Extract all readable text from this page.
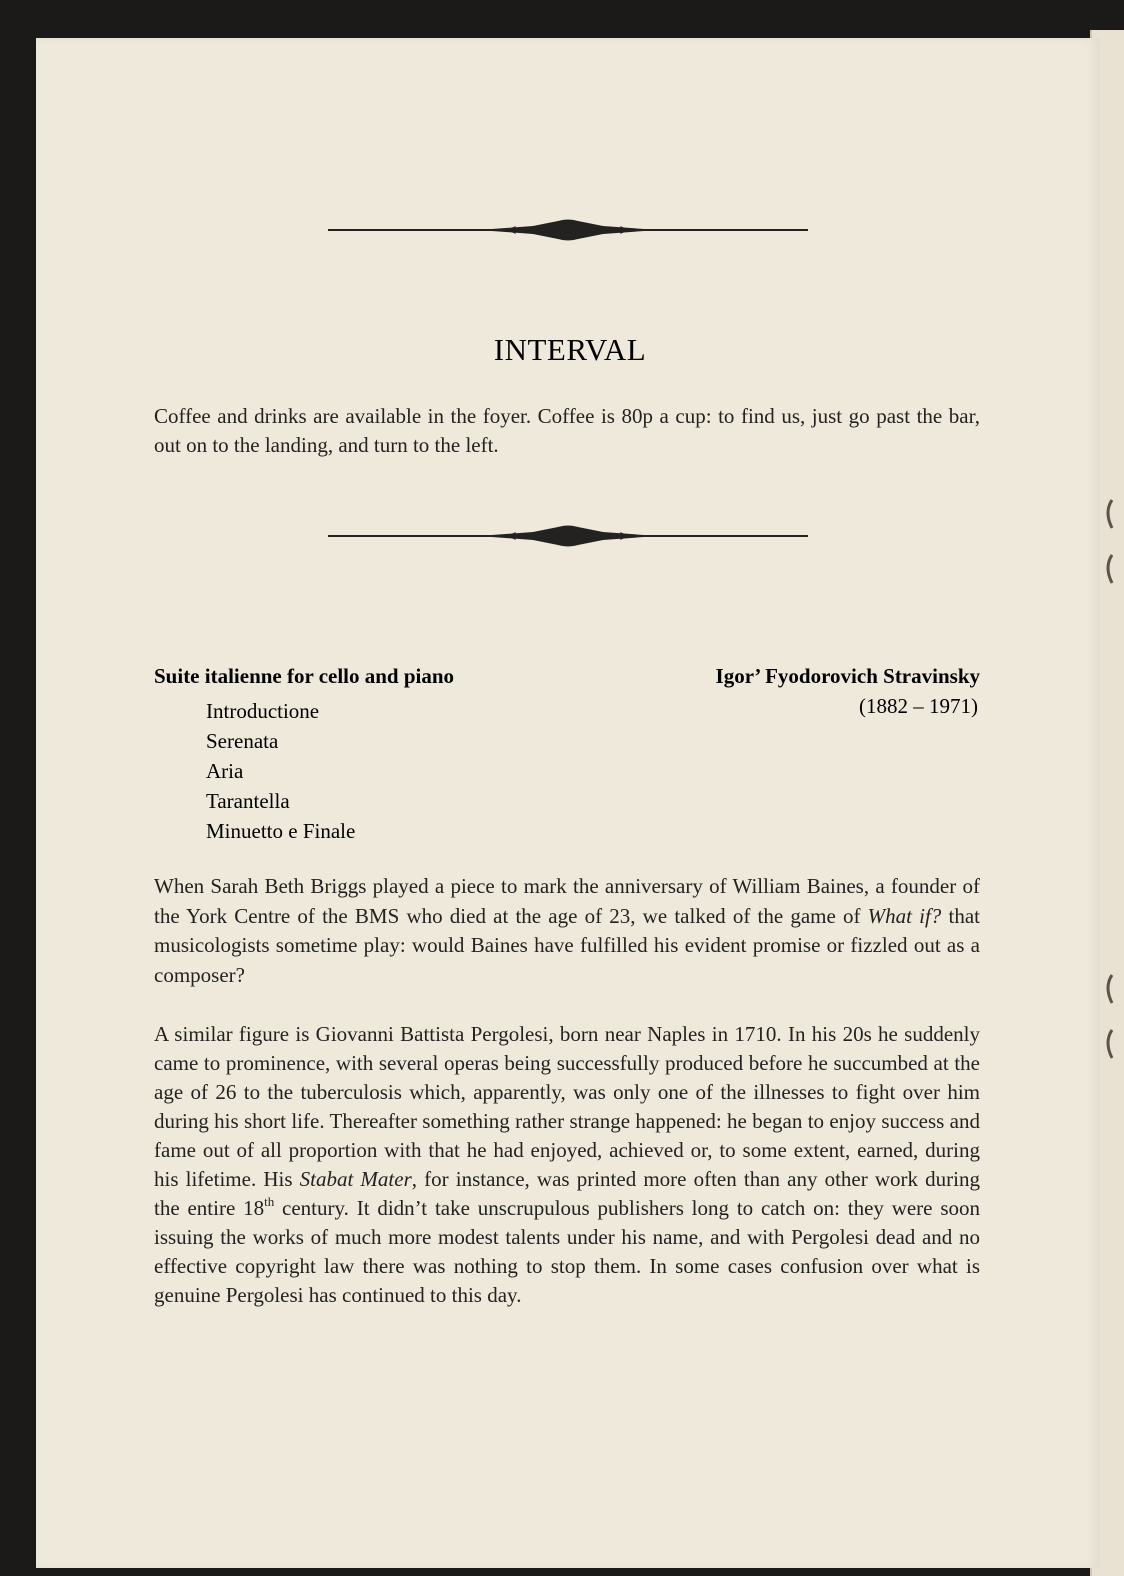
INTERVAL

Coffee and drinks are available in the foyer. Coffee is 80p a cup: to find us, just go past the bar, out on to the landing, and turn to the left.

Suite italienne for cello and piano	Igor’ Fyodorovich Stravinsky

(1882 – 1971)

Introductione
Serenata
Aria
Tarantella
Minuetto e Finale

When Sarah Beth Briggs played a piece to mark the anniversary of William Baines, a founder of the York Centre of the BMS who died at the age of 23, we talked of the game of What if? that musicologists sometime play: would Baines have fulfilled his evident promise or fizzled out as a composer?

A similar figure is Giovanni Battista Pergolesi, born near Naples in 1710. In his 20s he suddenly came to prominence, with several operas being successfully produced before he succumbed at the age of 26 to the tuberculosis which, apparently, was only one of the illnesses to fight over him during his short life. Thereafter something rather strange happened: he began to enjoy success and fame out of all proportion with that he had enjoyed, achieved or, to some extent, earned, during his lifetime. His Stabat Mater, for instance, was printed more often than any other work during the entire 18th century. It didn’t take unscrupulous publishers long to catch on: they were soon issuing the works of much more modest talents under his name, and with Pergolesi dead and no effective copyright law there was nothing to stop them. In some cases confusion over what is genuine Pergolesi has continued to this day.
